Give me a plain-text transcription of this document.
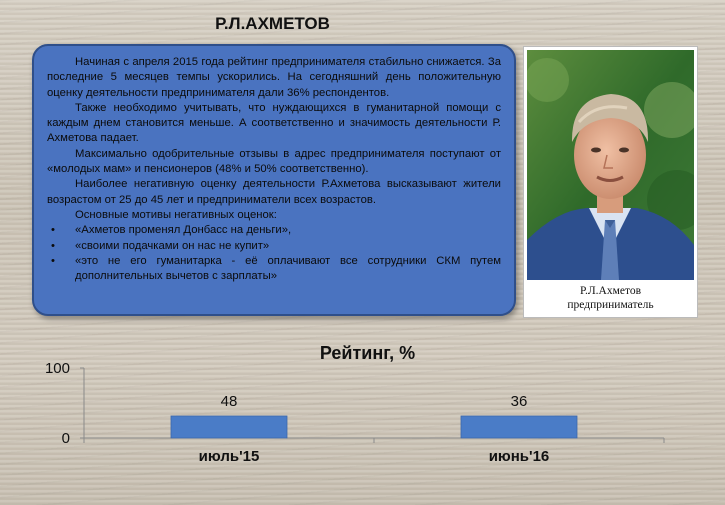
Р.Л.АХМЕТОВ

Начиная с апреля 2015 года рейтинг предпринимателя стабильно снижается. За последние 5 месяцев темпы ускорились. На сегодняшний день положительную оценку деятельности предпринимателя дали 36% респондентов.

Также необходимо учитывать, что нуждающихся в гуманитарной помощи с каждым днем становится меньше. А соответственно и значимость деятельности Р. Ахметова падает.

Максимально одобрительные отзывы в адрес предпринимателя поступают от «молодых мам» и пенсионеров (48% и 50% соответственно).

Наиболее негативную оценку деятельности Р.Ахметова высказывают жители возрастом от 25 до 45 лет и предприниматели всех возрастов.

Основные мотивы негативных оценок:
• «Ахметов променял Донбасс на деньги»,
• «своими подачками он нас не купит»
• «это не его гуманитарка - её оплачивают все сотрудники СКМ путем дополнительных вычетов с зарплаты»
Р.Л.Ахметов
предприниматель
Рейтинг, %
0
100
48
июль'15
36
июнь'16
